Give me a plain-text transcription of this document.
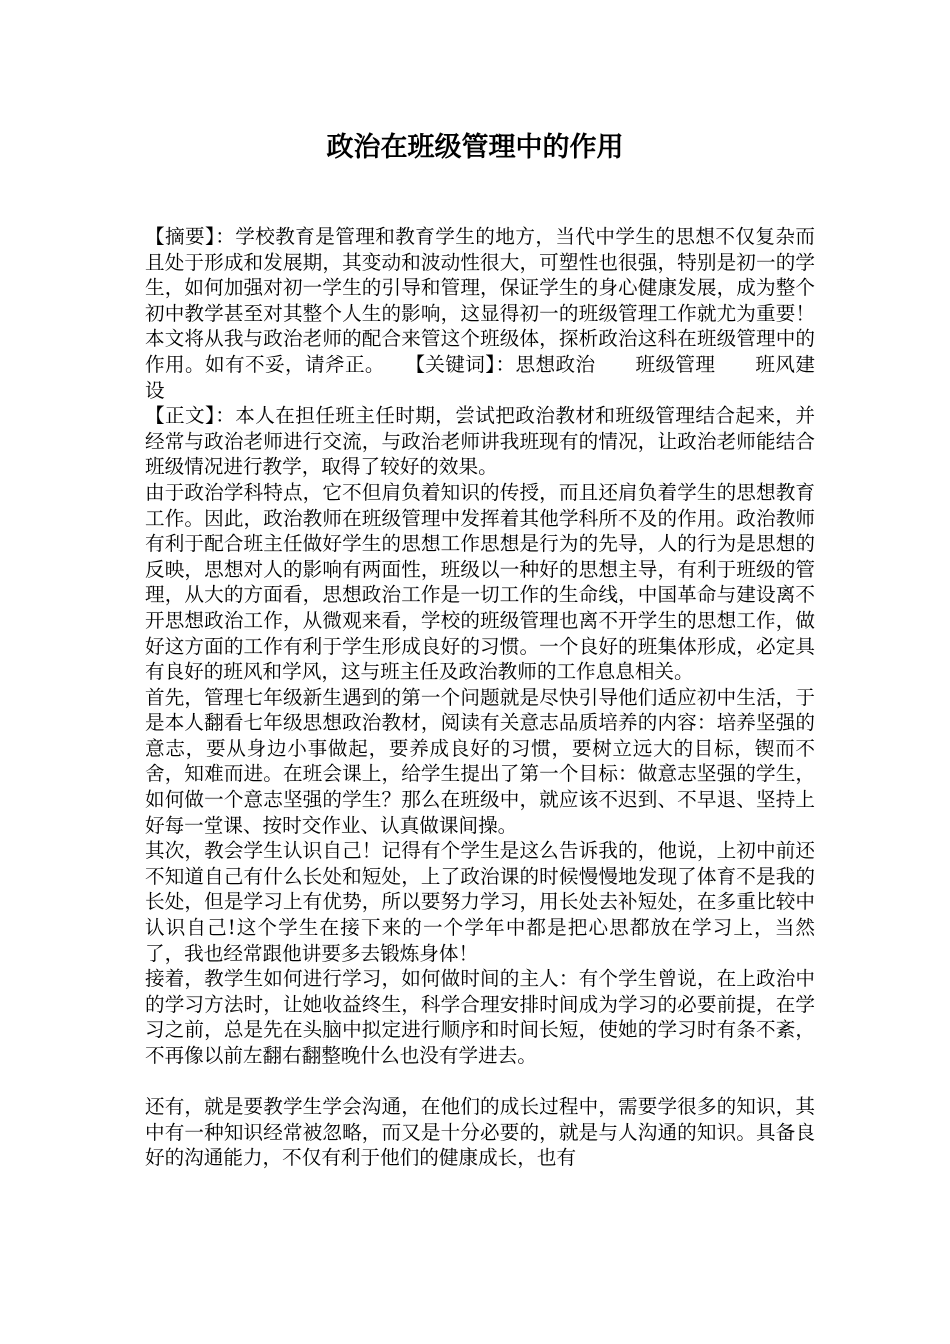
政治在班级管理中的作用

【摘要】：学校教育是管理和教育学生的地方，当代中学生的思想不仅复杂而且处于形成和发展期，其变动和波动性很大，可塑性也很强，特别是初一的学生，如何加强对初一学生的引导和管理，保证学生的身心健康发展，成为整个初中教学甚至对其整个人生的影响，这显得初一的班级管理工作就尤为重要！本文将从我与政治老师的配合来管这个班级体，探析政治这科在班级管理中的作用。如有不妥，请斧正。　　【关键词】：思想政治　　班级管理　　班风建设

【正文】：本人在担任班主任时期，尝试把政治教材和班级管理结合起来，并经常与政治老师进行交流，与政治老师讲我班现有的情况，让政治老师能结合班级情况进行教学，取得了较好的效果。

由于政治学科特点，它不但肩负着知识的传授，而且还肩负着学生的思想教育工作。因此，政治教师在班级管理中发挥着其他学科所不及的作用。政治教师有利于配合班主任做好学生的思想工作思想是行为的先导，人的行为是思想的反映，思想对人的影响有两面性，班级以一种好的思想主导，有利于班级的管理，从大的方面看，思想政治工作是一切工作的生命线，中国革命与建设离不开思想政治工作，从微观来看，学校的班级管理也离不开学生的思想工作，做好这方面的工作有利于学生形成良好的习惯。一个良好的班集体形成，必定具有良好的班风和学风，这与班主任及政治教师的工作息息相关。

首先，管理七年级新生遇到的第一个问题就是尽快引导他们适应初中生活，于是本人翻看七年级思想政治教材，阅读有关意志品质培养的内容：培养坚强的意志，要从身边小事做起，要养成良好的习惯，要树立远大的目标，锲而不舍，知难而进。在班会课上，给学生提出了第一个目标：做意志坚强的学生，如何做一个意志坚强的学生？那么在班级中，就应该不迟到、不早退、坚持上好每一堂课、按时交作业、认真做课间操。

其次，教会学生认识自己！记得有个学生是这么告诉我的，他说，上初中前还不知道自己有什么长处和短处，上了政治课的时候慢慢地发现了体育不是我的长处，但是学习上有优势，所以要努力学习，用长处去补短处，在多重比较中认识自己!这个学生在接下来的一个学年中都是把心思都放在学习上，当然了，我也经常跟他讲要多去锻炼身体！

接着，教学生如何进行学习，如何做时间的主人：有个学生曾说，在上政治中的学习方法时，让她收益终生，科学合理安排时间成为学习的必要前提，在学习之前，总是先在头脑中拟定进行顺序和时间长短，使她的学习时有条不紊，不再像以前左翻右翻整晚什么也没有学进去。

还有，就是要教学生学会沟通，在他们的成长过程中，需要学很多的知识，其中有一种知识经常被忽略，而又是十分必要的，就是与人沟通的知识。具备良好的沟通能力，不仅有利于他们的健康成长，也有
